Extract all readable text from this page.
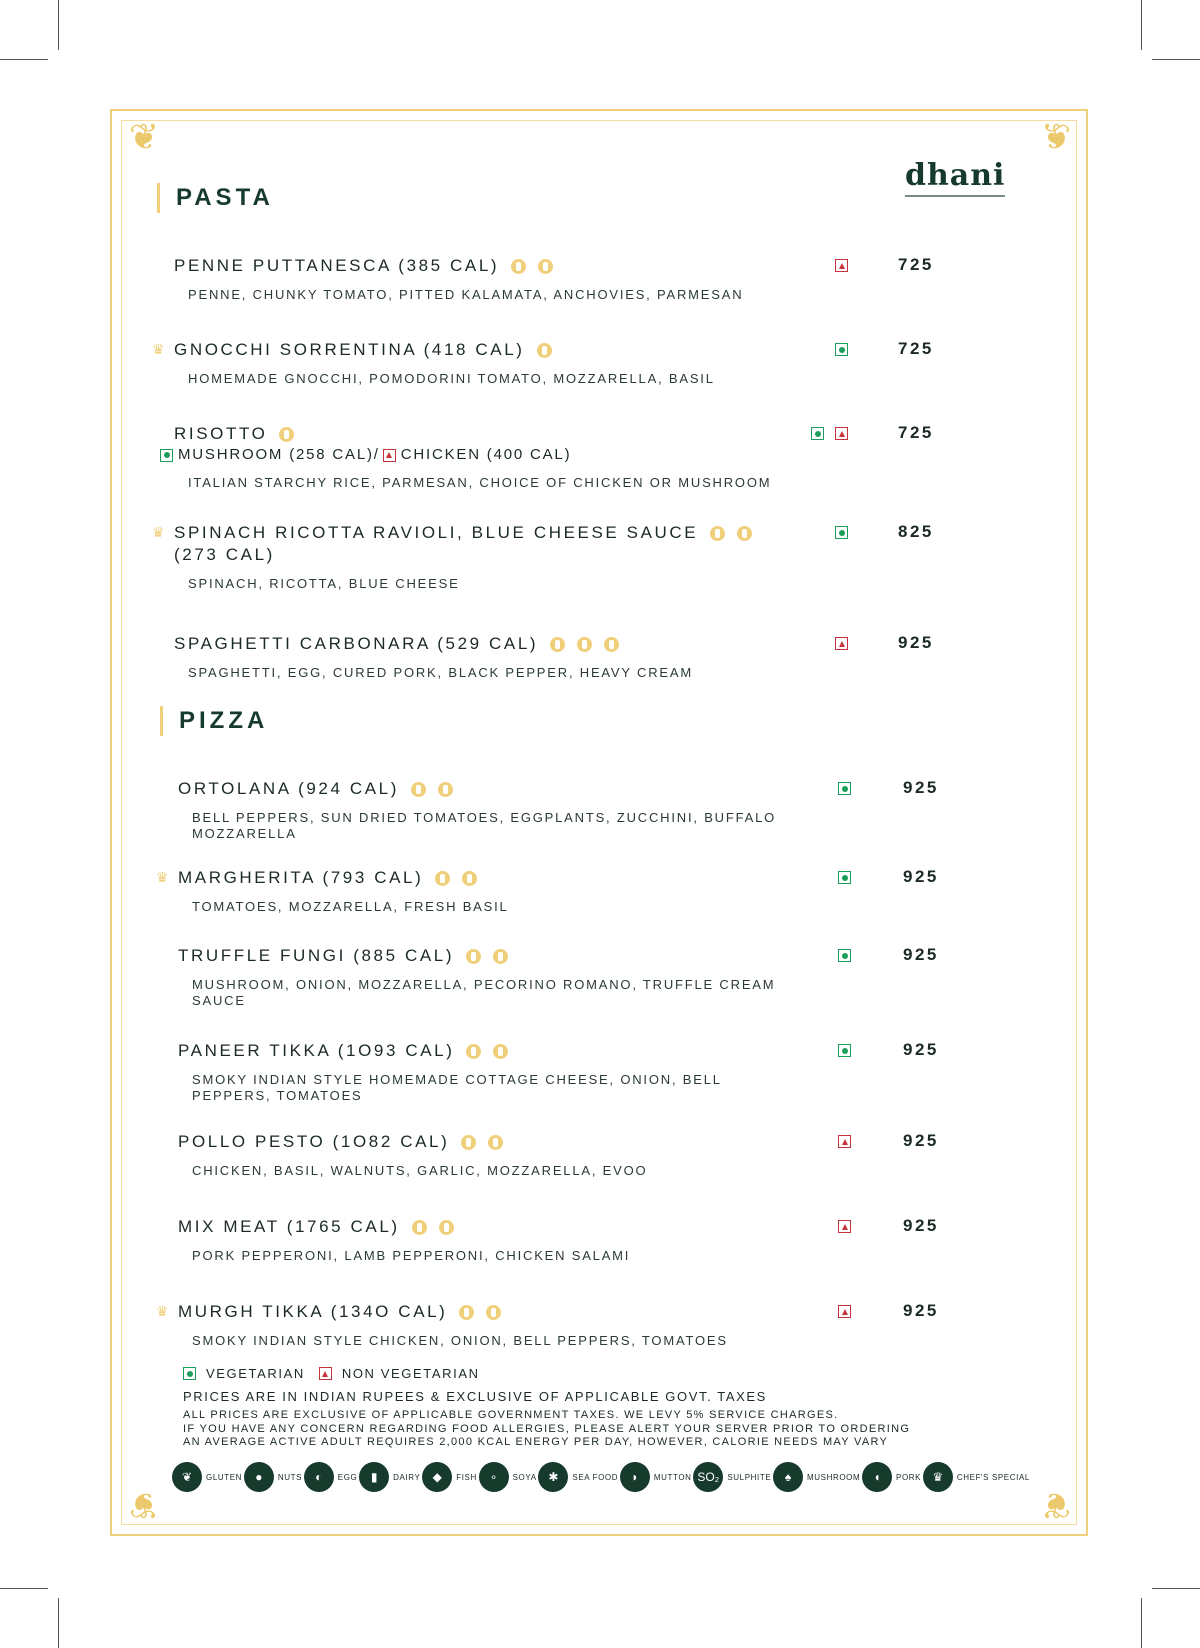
❦	❦
❦	❦
dhani
PASTA
PIZZA
PENNE PUTTANESCA (385 CAL)
PENNE, CHUNKY TOMATO, PITTED KALAMATA, ANCHOVIES, PARMESAN
725
♛ GNOCCHI SORRENTINA (418 CAL)
HOMEMADE GNOCCHI, POMODORINI TOMATO, MOZZARELLA, BASIL
725
RISOTTO
MUSHROOM (258 CAL)/ CHICKEN (400 CAL)
ITALIAN STARCHY RICE, PARMESAN, CHOICE OF CHICKEN OR MUSHROOM
725
♛ SPINACH RICOTTA RAVIOLI, BLUE CHEESE SAUCE
(273 CAL)
SPINACH, RICOTTA, BLUE CHEESE
825
SPAGHETTI CARBONARA (529 CAL)
SPAGHETTI, EGG, CURED PORK, BLACK PEPPER, HEAVY CREAM
925
ORTOLANA (924 CAL)
BELL PEPPERS, SUN DRIED TOMATOES, EGGPLANTS, ZUCCHINI, BUFFALO MOZZARELLA
925
♛ MARGHERITA (793 CAL)
TOMATOES, MOZZARELLA, FRESH BASIL
925
TRUFFLE FUNGI (885 CAL)
MUSHROOM, ONION, MOZZARELLA, PECORINO ROMANO, TRUFFLE CREAM SAUCE
925
PANEER TIKKA (1O93 CAL)
SMOKY INDIAN STYLE HOMEMADE COTTAGE CHEESE, ONION, BELL PEPPERS, TOMATOES
925
POLLO PESTO (1O82 CAL)
CHICKEN, BASIL, WALNUTS, GARLIC, MOZZARELLA, EVOO
925
MIX MEAT (1765 CAL)
PORK PEPPERONI, LAMB PEPPERONI, CHICKEN SALAMI
925
♛ MURGH TIKKA (134O CAL)
SMOKY INDIAN STYLE CHICKEN, ONION, BELL PEPPERS, TOMATOES
925
VEGETARIAN	NON VEGETARIAN
PRICES ARE IN INDIAN RUPEES & EXCLUSIVE OF APPLICABLE GOVT. TAXES
ALL PRICES ARE EXCLUSIVE OF APPLICABLE GOVERNMENT TAXES. WE LEVY 5% SERVICE CHARGES.
IF YOU HAVE ANY CONCERN REGARDING FOOD ALLERGIES, PLEASE ALERT YOUR SERVER PRIOR TO ORDERING
AN AVERAGE ACTIVE ADULT REQUIRES 2,000 KCAL ENERGY PER DAY, HOWEVER, CALORIE NEEDS MAY VARY
❦	GLUTEN	●	NUTS	◐	EGG	▮	DAIRY	◆	FISH	∘	SOYA ✱	SEA FOOD	◗	MUTTON SO₂	SULPHITE	♠	MUSHROOM	◖	PORK ♛	CHEF'S SPECIAL
